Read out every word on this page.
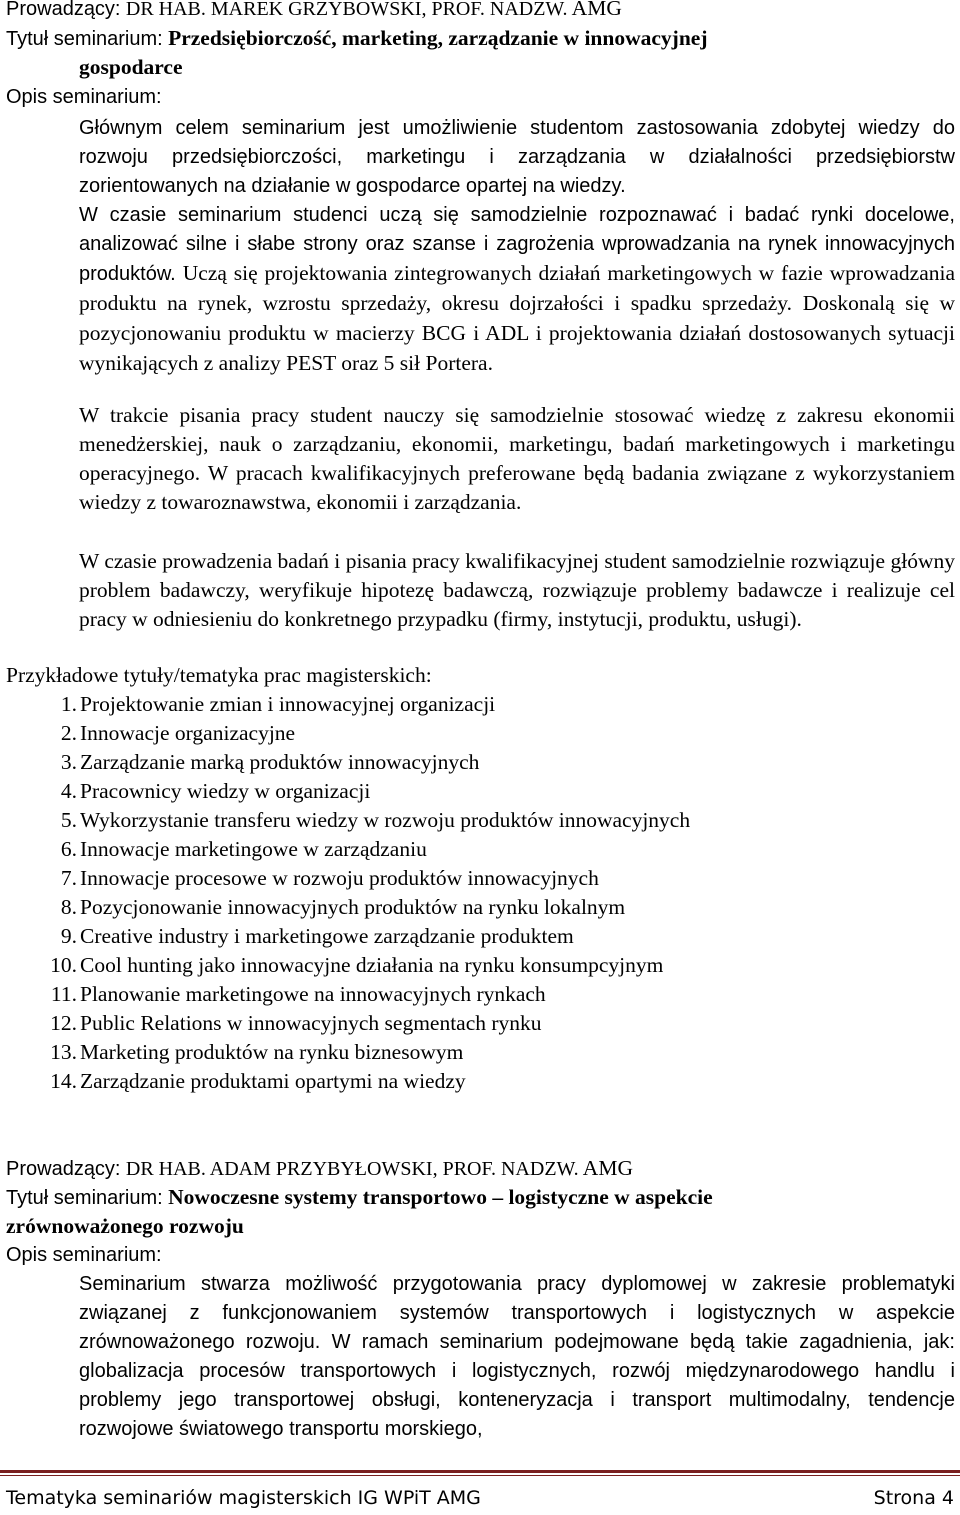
Prowadzący: DR HAB. MAREK GRZYBOWSKI, PROF. NADZW. AMG
Tytuł seminarium: Przedsiębiorczość, marketing, zarządzanie w innowacyjnej
gospodarce
Opis seminarium:
Głównym celem seminarium jest umożliwienie studentom zastosowania zdobytej wiedzy do rozwoju przedsiębiorczości, marketingu i zarządzania w działalności przedsiębiorstw zorientowanych na działanie w gospodarce opartej na wiedzy.
W czasie seminarium studenci uczą się samodzielnie rozpoznawać i badać rynki docelowe, analizować silne i słabe strony oraz szanse i zagrożenia wprowadzania na rynek innowacyjnych produktów. Uczą się projektowania zintegrowanych działań marketingowych w fazie wprowadzania produktu na rynek, wzrostu sprzedaży, okresu dojrzałości i spadku sprzedaży. Doskonalą się w pozycjonowaniu produktu w macierzy BCG i ADL i projektowania działań dostosowanych sytuacji wynikających z analizy PEST oraz 5 sił Portera.
W trakcie pisania pracy student nauczy się samodzielnie stosować wiedzę z zakresu ekonomii menedżerskiej, nauk o zarządzaniu, ekonomii, marketingu, badań marketingowych i marketingu operacyjnego. W pracach kwalifikacyjnych preferowane będą badania związane z wykorzystaniem wiedzy z towaroznawstwa, ekonomii i zarządzania.
W czasie prowadzenia badań i pisania pracy kwalifikacyjnej student samodzielnie rozwiązuje główny problem badawczy, weryfikuje hipotezę badawczą, rozwiązuje problemy badawcze i realizuje cel pracy w odniesieniu do konkretnego przypadku (firmy, instytucji, produktu, usługi).
Przykładowe tytuły/tematyka prac magisterskich:
1. Projektowanie zmian i innowacyjnej organizacji
2. Innowacje organizacyjne
3. Zarządzanie marką produktów innowacyjnych
4. Pracownicy wiedzy w organizacji
5. Wykorzystanie transferu wiedzy w rozwoju produktów innowacyjnych
6. Innowacje marketingowe w zarządzaniu
7. Innowacje procesowe w rozwoju produktów innowacyjnych
8. Pozycjonowanie innowacyjnych produktów na rynku lokalnym
9. Creative industry i marketingowe zarządzanie produktem
10. Cool hunting jako innowacyjne działania na rynku konsumpcyjnym
11. Planowanie marketingowe na innowacyjnych rynkach
12. Public Relations w innowacyjnych segmentach rynku
13. Marketing produktów na rynku biznesowym
14. Zarządzanie produktami opartymi na wiedzy
Prowadzący: DR HAB. ADAM PRZYBYŁOWSKI, PROF. NADZW. AMG
Tytuł seminarium: Nowoczesne systemy transportowo – logistyczne w aspekcie
zrównoważonego rozwoju
Opis seminarium:
Seminarium stwarza możliwość przygotowania pracy dyplomowej w zakresie problematyki związanej z funkcjonowaniem systemów transportowych i logistycznych w aspekcie zrównoważonego rozwoju. W ramach seminarium podejmowane będą takie zagadnienia, jak: globalizacja procesów transportowych i logistycznych, rozwój międzynarodowego handlu i problemy jego transportowej obsługi, konteneryzacja i transport multimodalny, tendencje rozwojowe światowego transportu morskiego,
Tematyka seminariów magisterskich IG WPiT AMG	Strona 4
